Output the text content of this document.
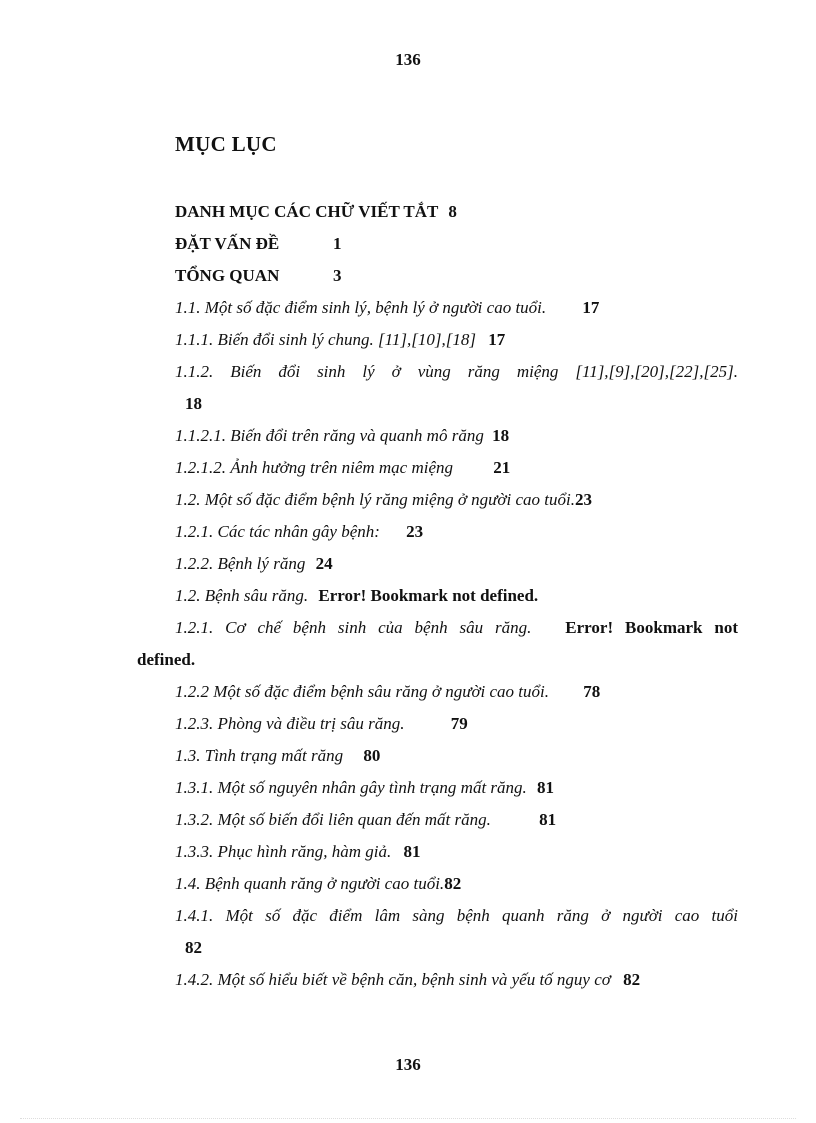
136
MỤC LỤC
DANH MỤC CÁC CHỮ VIẾT TẮT 8
ĐẶT VẤN ĐỀ	1
TỔNG QUAN	3
1.1. Một số đặc điểm sinh lý, bệnh lý ở người cao tuổi. 17
1.1.1. Biến đổi sinh lý chung. [11],[10],[18] 17
1.1.2. Biến đổi sinh lý ở vùng răng miệng [11],[9],[20],[22],[25].
18
1.1.2.1. Biến đổi trên răng và quanh mô răng 18
1.2.1.2. Ảnh hưởng trên niêm mạc miệng 21
1.2. Một số đặc điểm bệnh lý răng miệng ở người cao tuổi.23
1.2.1. Các tác nhân gây bệnh: 23
1.2.2. Bệnh lý răng 24
1.2. Bệnh sâu răng. Error! Bookmark not defined.
1.2.1. Cơ chế bệnh sinh của bệnh sâu răng. Error! Bookmark not
defined.
1.2.2 Một số đặc điểm bệnh sâu răng ở người cao tuổi. 78
1.2.3. Phòng và điều trị sâu răng.	79
1.3. Tình trạng mất răng 80
1.3.1. Một số nguyên nhân gây tình trạng mất răng. 81
1.3.2. Một số biến đổi liên quan đến mất răng.	81
1.3.3. Phục hình răng, hàm giả. 81
1.4. Bệnh quanh răng ở người cao tuổi.82
1.4.1. Một số đặc điểm lâm sàng bệnh quanh răng ở người cao tuổi
82
1.4.2. Một số hiểu biết về bệnh căn, bệnh sinh và yếu tố nguy cơ 82
136
